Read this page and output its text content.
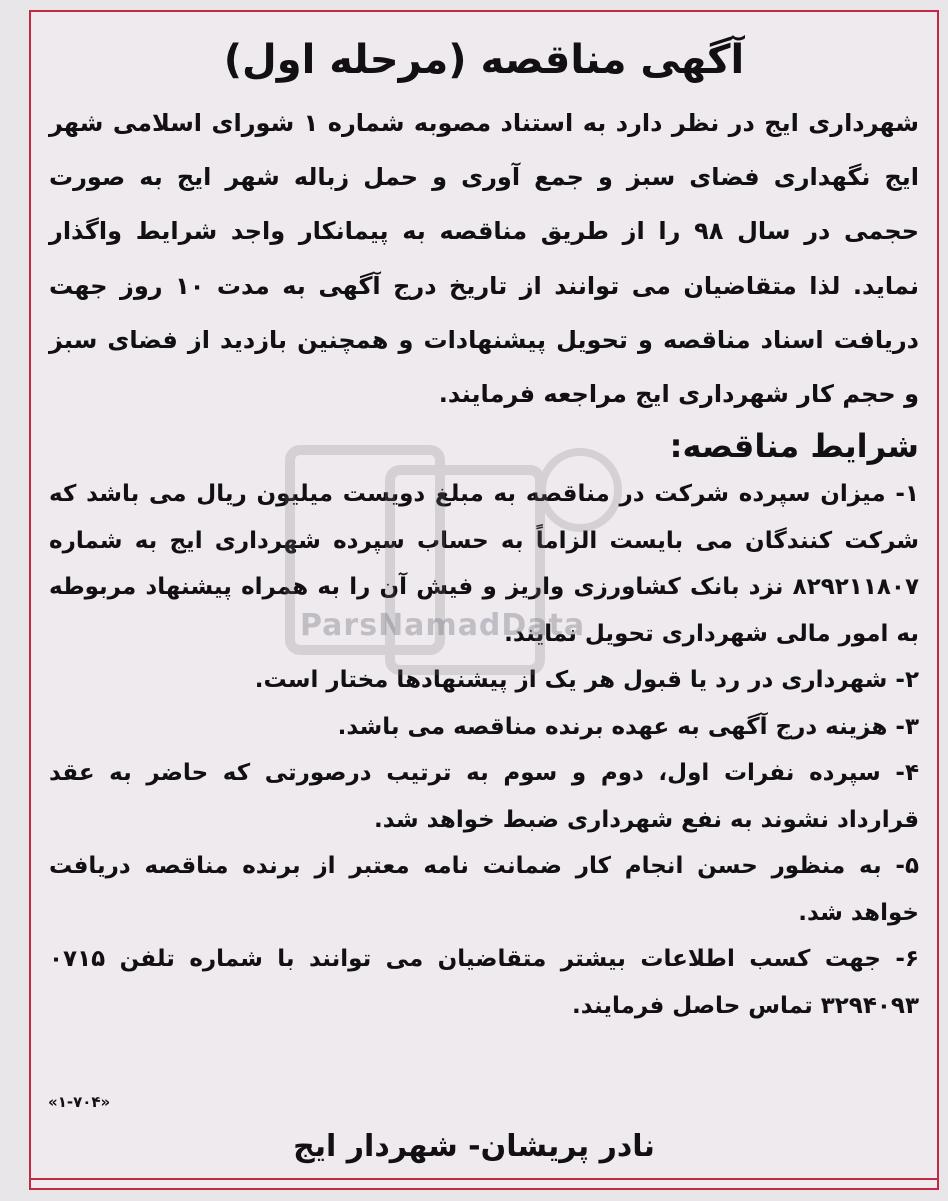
آگهی مناقصه (مرحله اول)

شهرداری ایج در نظر دارد به استناد مصوبه شماره ۱ شورای اسلامی شهر ایج نگهداری فضای سبز و جمع آوری و حمل زباله شهر ایج به صورت حجمی در سال ۹۸ را از طریق مناقصه به پیمانکار واجد شرایط واگذار نماید. لذا متقاضیان می توانند از تاریخ درج آگهی به مدت ۱۰ روز جهت دریافت اسناد مناقصه و تحویل پیشنهادات و همچنین بازدید از فضای سبز و حجم کار شهرداری ایج مراجعه فرمایند.

شرایط مناقصه:
۱- میزان سپرده شرکت در مناقصه به مبلغ دویست میلیون ریال می باشد که شرکت کنندگان می بایست الزاماً به حساب سپرده شهرداری ایج به شماره ۸۲۹۲۱۱۸۰۷ نزد بانک کشاورزی واریز و فیش آن را به همراه پیشنهاد مربوطه به امور مالی شهرداری تحویل نمایند.
۲- شهرداری در رد یا قبول هر یک از پیشنهادها مختار است.
۳- هزینه درج آگهی به عهده برنده مناقصه می باشد.
۴- سپرده نفرات اول، دوم و سوم به ترتیب درصورتی که حاضر به عقد قرارداد نشوند به نفع شهرداری ضبط خواهد شد.
۵- به منظور حسن انجام کار ضمانت نامه معتبر از برنده مناقصه دریافت خواهد شد.
۶- جهت کسب اطلاعات بیشتر متقاضیان می توانند با شماره تلفن ۰۷۱۵ ۳۲۹۴۰۹۳ تماس حاصل فرمایند.
«۱-۷۰۴»
نادر پریشان- شهردار ایج
ParsNamadData
